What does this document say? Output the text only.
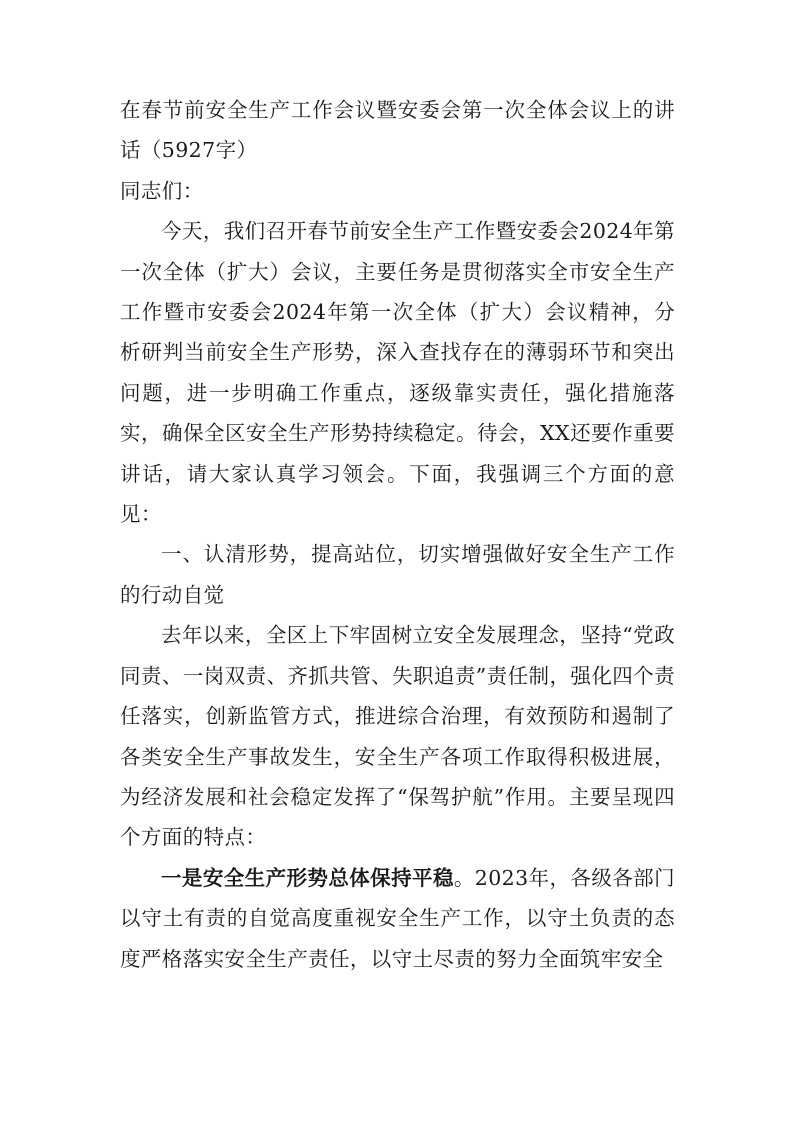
在春节前安全生产工作会议暨安委会第一次全体会议上的讲话（5927字）

同志们：

今天，我们召开春节前安全生产工作暨安委会2024年第一次全体（扩大）会议，主要任务是贯彻落实全市安全生产工作暨市安委会2024年第一次全体（扩大）会议精神，分析研判当前安全生产形势，深入查找存在的薄弱环节和突出问题，进一步明确工作重点，逐级靠实责任，强化措施落实，确保全区安全生产形势持续稳定。待会，XX还要作重要讲话，请大家认真学习领会。下面，我强调三个方面的意见：

一、认清形势，提高站位，切实增强做好安全生产工作的行动自觉

去年以来，全区上下牢固树立安全发展理念，坚持“党政同责、一岗双责、齐抓共管、失职追责”责任制，强化四个责任落实，创新监管方式，推进综合治理，有效预防和遏制了各类安全生产事故发生，安全生产各项工作取得积极进展，为经济发展和社会稳定发挥了“保驾护航”作用。主要呈现四个方面的特点：

一是安全生产形势总体保持平稳。2023年，各级各部门以守土有责的自觉高度重视安全生产工作，以守土负责的态度严格落实安全生产责任，以守土尽责的努力全面筑牢安全
